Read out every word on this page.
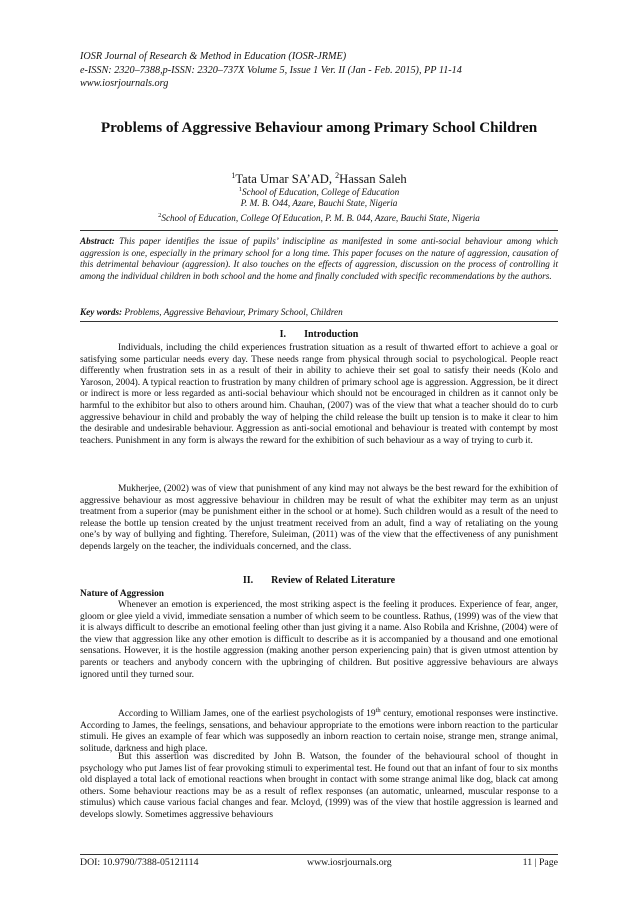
IOSR Journal of Research & Method in Education (IOSR-JRME)
e-ISSN: 2320–7388,p-ISSN: 2320–737X Volume 5, Issue 1 Ver. II (Jan - Feb. 2015), PP 11-14
www.iosrjournals.org
Problems of Aggressive Behaviour among Primary School Children
$^1$Tata Umar SA’AD, $^2$Hassan Saleh
$^1$School of Education, College of Education
P. M. B. O44, Azare, Bauchi State, Nigeria
$^2$School of Education, College Of Education, P. M. B. 044, Azare, Bauchi State, Nigeria
Abstract: This paper identifies the issue of pupils’ indiscipline as manifested in some anti-social behaviour among which aggression is one, especially in the primary school for a long time. This paper focuses on the nature of aggression, causation of this detrimental behaviour (aggression). It also touches on the effects of aggression, discussion on the process of controlling it among the individual children in both school and the home and finally concluded with specific recommendations by the authors.
Key words: Problems, Aggressive Behaviour, Primary School, Children
I. Introduction

Individuals, including the child experiences frustration situation as a result of thwarted effort to achieve a goal or satisfying some particular needs every day. These needs range from physical through social to psychological. People react differently when frustration sets in as a result of their in ability to achieve their set goal to satisfy their needs (Kolo and Yaroson, 2004). A typical reaction to frustration by many children of primary school age is aggression. Aggression, be it direct or indirect is more or less regarded as anti-social behaviour which should not be encouraged in children as it cannot only be harmful to the exhibitor but also to others around him. Chauhan, (2007) was of the view that what a teacher should do to curb aggressive behaviour in child and probably the way of helping the child release the built up tension is to make it clear to him the desirable and undesirable behaviour. Aggression as anti-social emotional and behaviour is treated with contempt by most teachers. Punishment in any form is always the reward for the exhibition of such behaviour as a way of trying to curb it.

Mukherjee, (2002) was of view that punishment of any kind may not always be the best reward for the exhibition of aggressive behaviour as most aggressive behaviour in children may be result of what the exhibiter may term as an unjust treatment from a superior (may be punishment either in the school or at home). Such children would as a result of the need to release the bottle up tension created by the unjust treatment received from an adult, find a way of retaliating on the young one’s by way of bullying and fighting. Therefore, Suleiman, (2011) was of the view that the effectiveness of any punishment depends largely on the teacher, the individuals concerned, and the class.

II. Review of Related Literature
Nature of Aggression

Whenever an emotion is experienced, the most striking aspect is the feeling it produces. Experience of fear, anger, gloom or glee yield a vivid, immediate sensation a number of which seem to be countless. Rathus, (1999) was of the view that it is always difficult to describe an emotional feeling other than just giving it a name. Also Robila and Krishne, (2004) were of the view that aggression like any other emotion is difficult to describe as it is accompanied by a thousand and one emotional sensations. However, it is the hostile aggression (making another person experiencing pain) that is given utmost attention by parents or teachers and anybody concern with the upbringing of children. But positive aggressive behaviours are always ignored until they turned sour.

According to William James, one of the earliest psychologists of 19th century, emotional responses were instinctive. According to James, the feelings, sensations, and behaviour appropriate to the emotions were inborn reaction to the particular stimuli. He gives an example of fear which was supposedly an inborn reaction to certain noise, strange men, strange animal, solitude, darkness and high place.

But this assertion was discredited by John B. Watson, the founder of the behavioural school of thought in psychology who put James list of fear provoking stimuli to experimental test. He found out that an infant of four to six months old displayed a total lack of emotional reactions when brought in contact with some strange animal like dog, black cat among others. Some behaviour reactions may be as a result of reflex responses (an automatic, unlearned, muscular response to a stimulus) which cause various facial changes and fear. Mcloyd, (1999) was of the view that hostile aggression is learned and develops slowly. Sometimes aggressive behaviours

DOI: 10.9790/7388-05121114	www.iosrjournals.org	11 | Page
